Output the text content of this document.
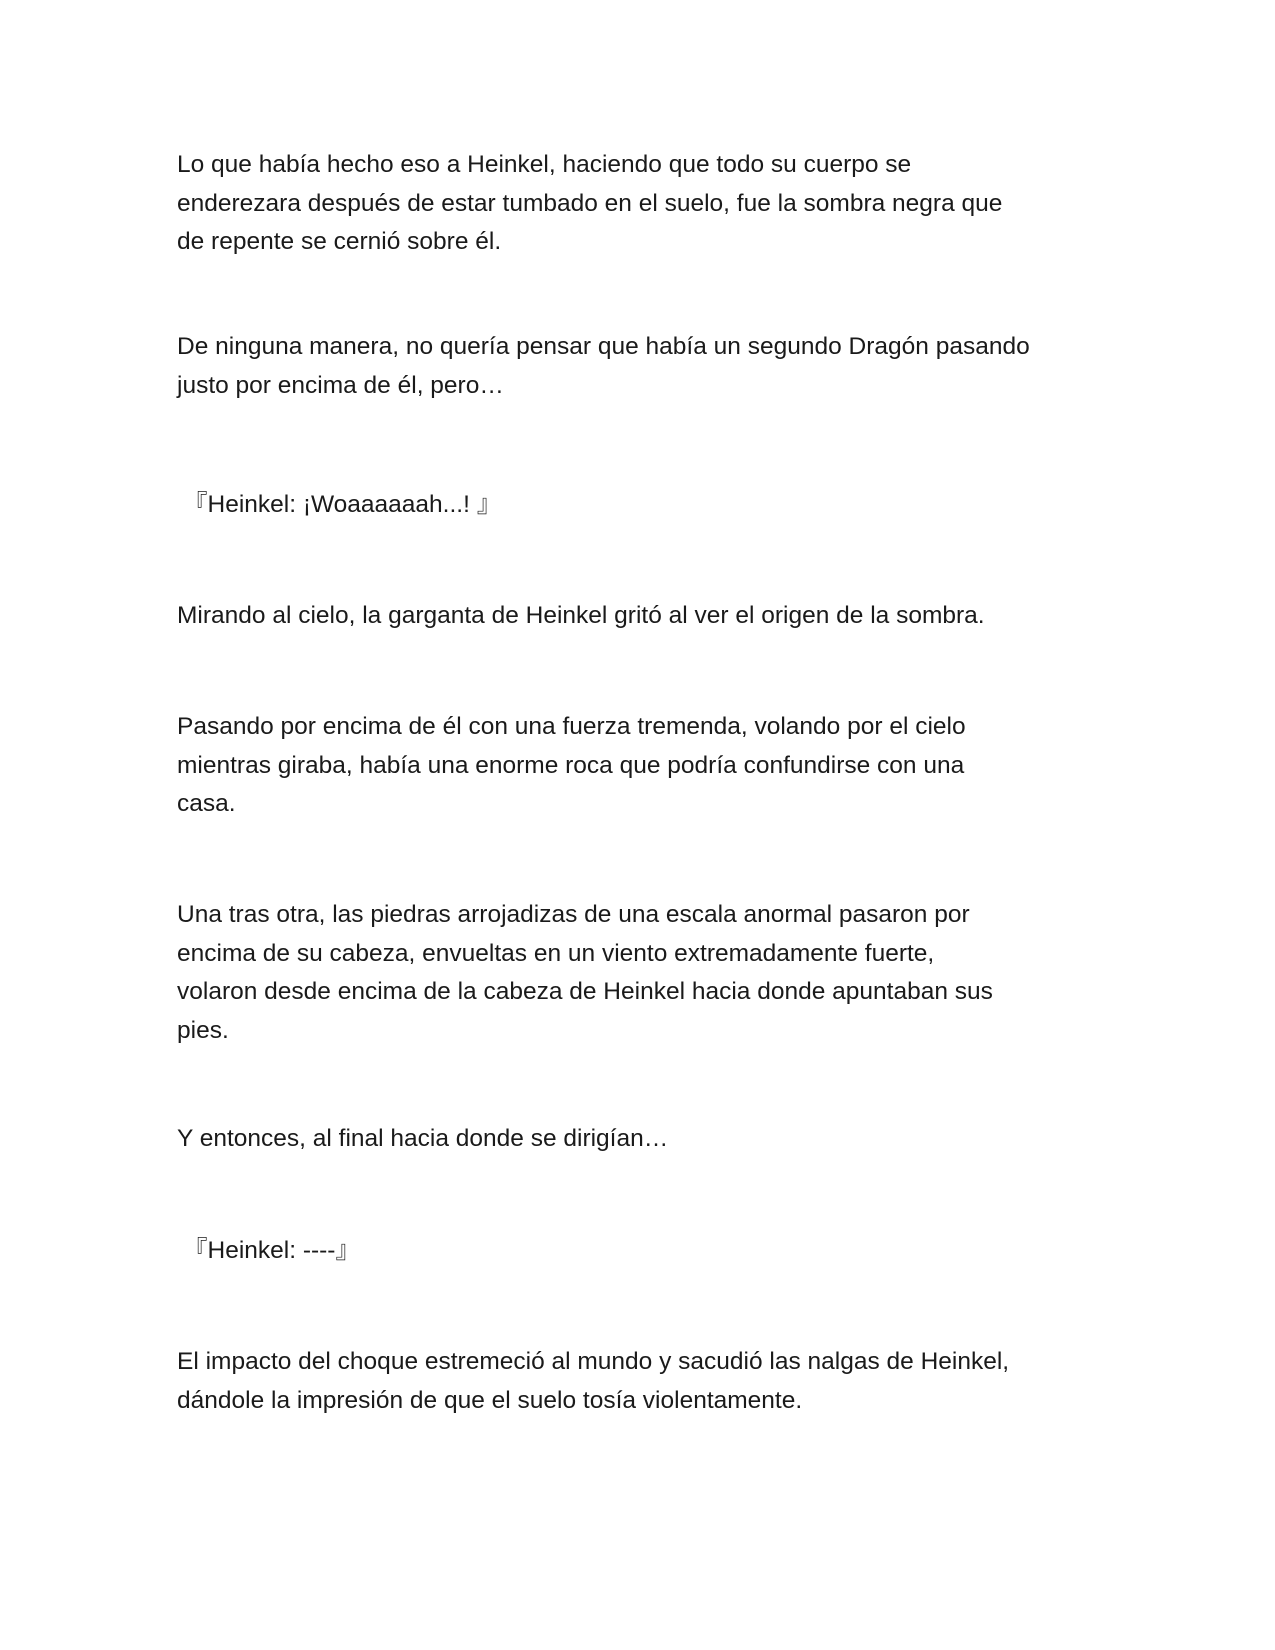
Lo que había hecho eso a Heinkel, haciendo que todo su cuerpo se
enderezara después de estar tumbado en el suelo, fue la sombra negra que
de repente se cernió sobre él.

De ninguna manera, no quería pensar que había un segundo Dragón pasando
justo por encima de él, pero…

『Heinkel: ¡Woaaaaaah...! 』

Mirando al cielo, la garganta de Heinkel gritó al ver el origen de la sombra.

Pasando por encima de él con una fuerza tremenda, volando por el cielo
mientras giraba, había una enorme roca que podría confundirse con una
casa.

Una tras otra, las piedras arrojadizas de una escala anormal pasaron por
encima de su cabeza, envueltas en un viento extremadamente fuerte,
volaron desde encima de la cabeza de Heinkel hacia donde apuntaban sus
pies.

Y entonces, al final hacia donde se dirigían…

『Heinkel: ----』

El impacto del choque estremeció al mundo y sacudió las nalgas de Heinkel,
dándole la impresión de que el suelo tosía violentamente.
